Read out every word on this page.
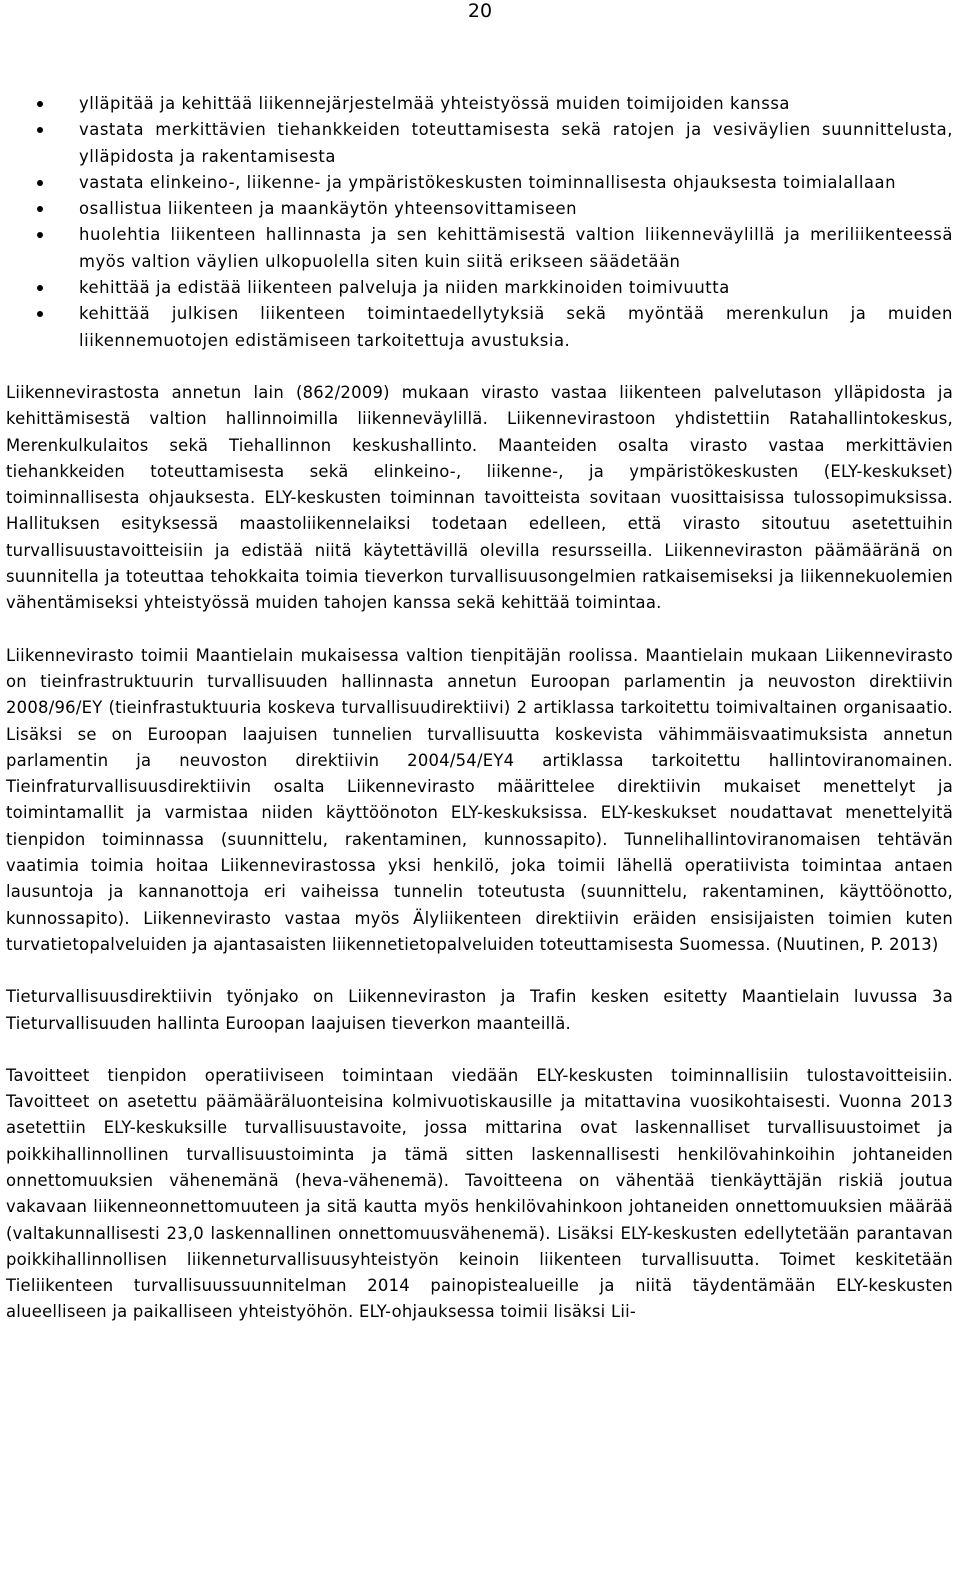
20
ylläpitää ja kehittää liikennejärjestelmää yhteistyössä muiden toimijoiden kanssa
vastata merkittävien tiehankkeiden toteuttamisesta sekä ratojen ja vesiväylien suunnittelusta, ylläpidosta ja rakentamisesta
vastata elinkeino-, liikenne- ja ympäristökeskusten toiminnallisesta ohjauksesta toimialallaan
osallistua liikenteen ja maankäytön yhteensovittamiseen
huolehtia liikenteen hallinnasta ja sen kehittämisestä valtion liikenneväylillä ja meriliikenteessä myös valtion väylien ulkopuolella siten kuin siitä erikseen säädetään
kehittää ja edistää liikenteen palveluja ja niiden markkinoiden toimivuutta
kehittää julkisen liikenteen toimintaedellytyksiä sekä myöntää merenkulun ja muiden liikennemuotojen edistämiseen tarkoitettuja avustuksia.

Liikennevirastosta annetun lain (862/2009) mukaan virasto vastaa liikenteen palvelutason ylläpidosta ja kehittämisestä valtion hallinnoimilla liikenneväylillä. Liikennevirastoon yhdistettiin Ratahallintokeskus, Merenkulkulaitos sekä Tiehallinnon keskushallinto. Maanteiden osalta virasto vastaa merkittävien tiehankkeiden toteuttamisesta sekä elinkeino-, liikenne-, ja ympäristökeskusten (ELY-keskukset) toiminnallisesta ohjauksesta. ELY-keskusten toiminnan tavoitteista sovitaan vuosittaisissa tulossopimuksissa. Hallituksen esityksessä maastoliikennelaiksi todetaan edelleen, että virasto sitoutuu asetettuihin turvallisuustavoitteisiin ja edistää niitä käytettävillä olevilla resursseilla. Liikenneviraston päämääränä on suunnitella ja toteuttaa tehokkaita toimia tieverkon turvallisuusongelmien ratkaisemiseksi ja liikennekuolemien vähentämiseksi yhteistyössä muiden tahojen kanssa sekä kehittää toimintaa.

Liikennevirasto toimii Maantielain mukaisessa valtion tienpitäjän roolissa. Maantielain mukaan Liikennevirasto on tieinfrastruktuurin turvallisuuden hallinnasta annetun Euroopan parlamentin ja neuvoston direktiivin 2008/96/EY (tieinfrastuktuuria koskeva turvallisuudirektiivi) 2 artiklassa tarkoitettu toimivaltainen organisaatio. Lisäksi se on Euroopan laajuisen tunnelien turvallisuutta koskevista vähimmäisvaatimuksista annetun parlamentin ja neuvoston direktiivin 2004/54/EY4 artiklassa tarkoitettu hallintoviranomainen. Tieinfraturvallisuusdirektiivin osalta Liikennevirasto määrittelee direktiivin mukaiset menettelyt ja toimintamallit ja varmistaa niiden käyttöönoton ELY-keskuksissa. ELY-keskukset noudattavat menettelyitä tienpidon toiminnassa (suunnittelu, rakentaminen, kunnossapito). Tunnelihallintoviranomaisen tehtävän vaatimia toimia hoitaa Liikennevirastossa yksi henkilö, joka toimii lähellä operatiivista toimintaa antaen lausuntoja ja kannanottoja eri vaiheissa tunnelin toteutusta (suunnittelu, rakentaminen, käyttöönotto, kunnossapito). Liikennevirasto vastaa myös Älyliikenteen direktiivin eräiden ensisijaisten toimien kuten turvatietopalveluiden ja ajantasaisten liikennetietopalveluiden toteuttamisesta Suomessa. (Nuutinen, P. 2013)

Tieturvallisuusdirektiivin työnjako on Liikenneviraston ja Trafin kesken esitetty Maantielain luvussa 3a Tieturvallisuuden hallinta Euroopan laajuisen tieverkon maanteillä.

Tavoitteet tienpidon operatiiviseen toimintaan viedään ELY-keskusten toiminnallisiin tulostavoitteisiin. Tavoitteet on asetettu päämääräluonteisina kolmivuotiskausille ja mitattavina vuosikohtaisesti. Vuonna 2013 asetettiin ELY-keskuksille turvallisuustavoite, jossa mittarina ovat laskennalliset turvallisuustoimet ja poikkihallinnollinen turvallisuustoiminta ja tämä sitten laskennallisesti henkilövahinkoihin johtaneiden onnettomuuksien vähenemänä (heva-vähenemä). Tavoitteena on vähentää tienkäyttäjän riskiä joutua vakavaan liikenneonnettomuuteen ja sitä kautta myös henkilövahinkoon johtaneiden onnettomuuksien määrää (valtakunnallisesti 23,0 laskennallinen onnettomuusvähenemä). Lisäksi ELY-keskusten edellytetään parantavan poikkihallinnollisen liikenneturvallisuusyhteistyön keinoin liikenteen turvallisuutta. Toimet keskitetään Tieliikenteen turvallisuussuunnitelman 2014 painopistealueille ja niitä täydentämään ELY-keskusten alueelliseen ja paikalliseen yhteistyöhön. ELY-ohjauksessa toimii lisäksi Lii-
